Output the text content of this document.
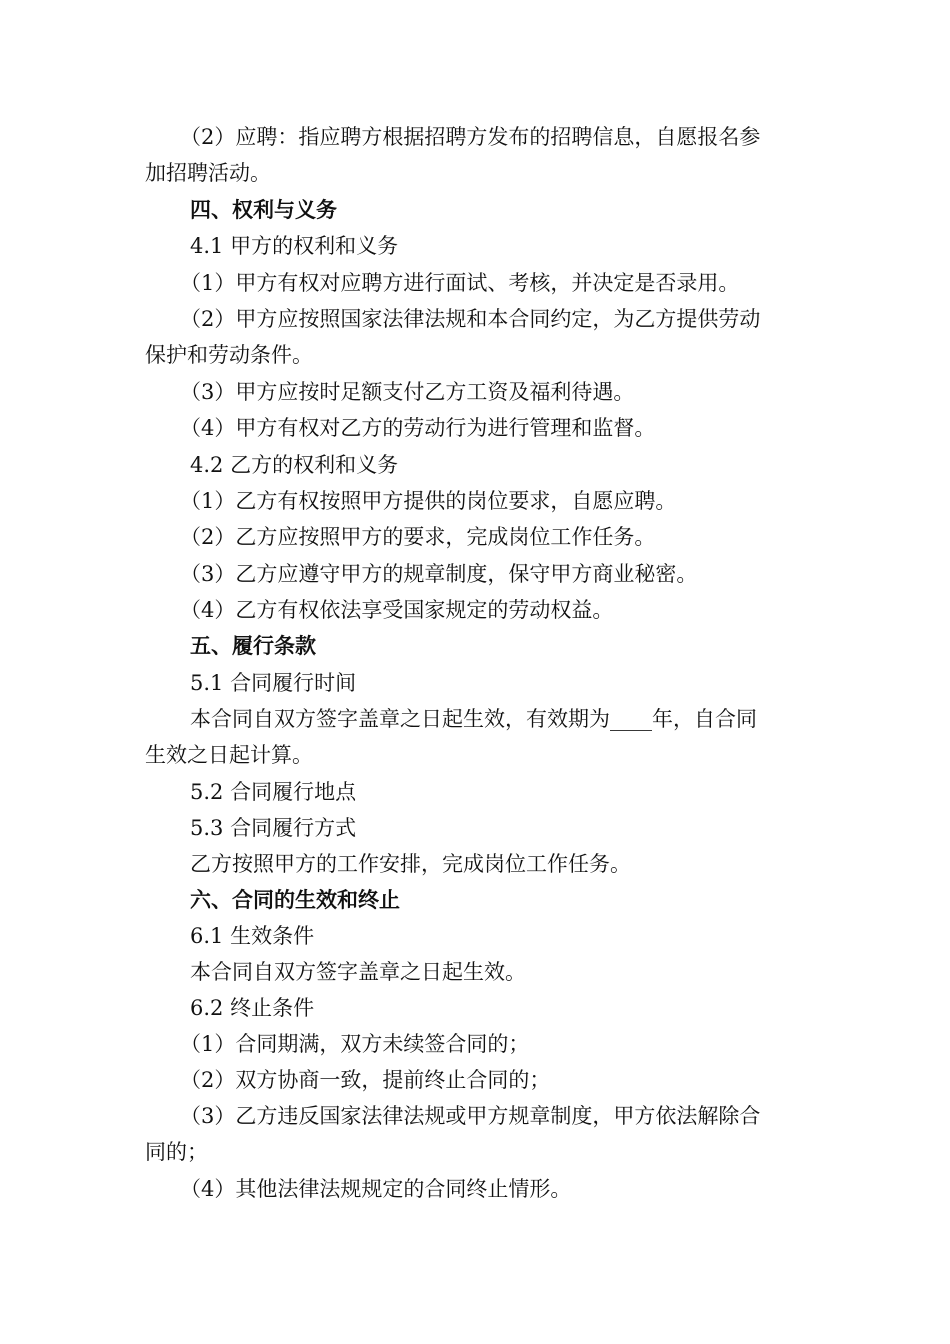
（2）应聘：指应聘方根据招聘方发布的招聘信息，自愿报名参
加招聘活动。
四、权利与义务
4.1 甲方的权利和义务
（1）甲方有权对应聘方进行面试、考核，并决定是否录用。
（2）甲方应按照国家法律法规和本合同约定，为乙方提供劳动
保护和劳动条件。
（3）甲方应按时足额支付乙方工资及福利待遇。
（4）甲方有权对乙方的劳动行为进行管理和监督。
4.2 乙方的权利和义务
（1）乙方有权按照甲方提供的岗位要求，自愿应聘。
（2）乙方应按照甲方的要求，完成岗位工作任务。
（3）乙方应遵守甲方的规章制度，保守甲方商业秘密。
（4）乙方有权依法享受国家规定的劳动权益。
五、履行条款
5.1 合同履行时间
本合同自双方签字盖章之日起生效，有效期为____年，自合同
生效之日起计算。
5.2 合同履行地点
5.3 合同履行方式
乙方按照甲方的工作安排，完成岗位工作任务。
六、合同的生效和终止
6.1 生效条件
本合同自双方签字盖章之日起生效。
6.2 终止条件
（1）合同期满，双方未续签合同的；
（2）双方协商一致，提前终止合同的；
（3）乙方违反国家法律法规或甲方规章制度，甲方依法解除合
同的；
（4）其他法律法规规定的合同终止情形。
